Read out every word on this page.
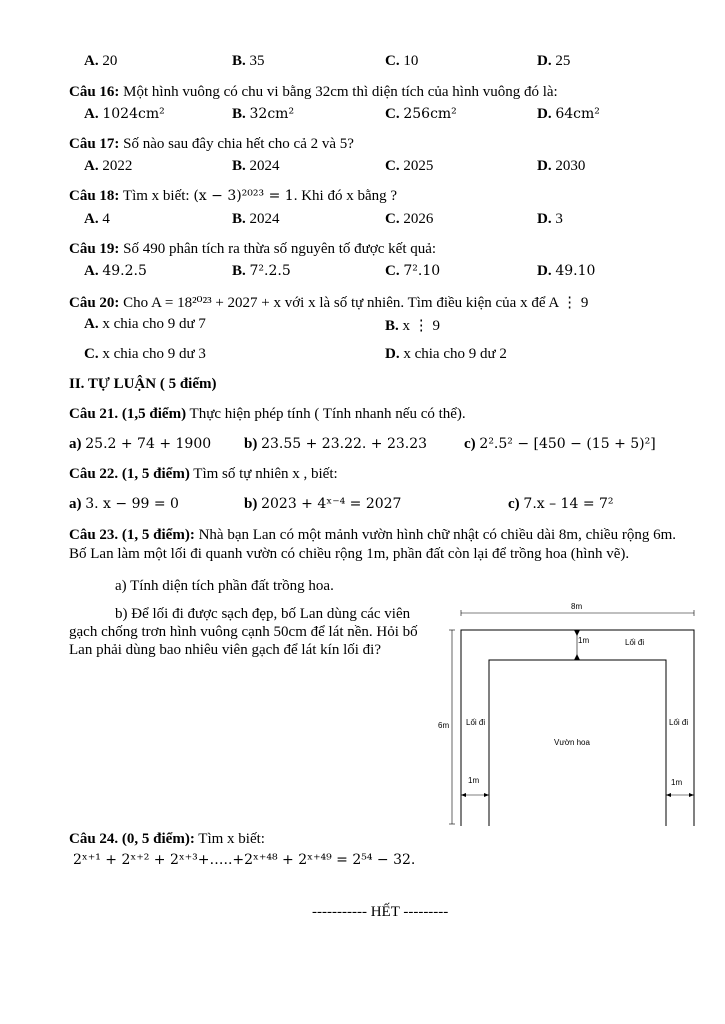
A. 20	B. 35	C. 10	D. 25
Câu 16: Một hình vuông có chu vi bằng 32cm thì diện tích của hình vuông đó là:
A. 1024cm²	B. 32cm²	C. 256cm²	D. 64cm²
Câu 17: Số nào sau đây chia hết cho cả 2 và 5?
A. 2022	B. 2024	C. 2025	D. 2030
Câu 18: Tìm x biết: (x − 3)²⁰²³ = 1. Khi đó x bằng ?
A. 4	B. 2024	C. 2026	D. 3
Câu 19: Số 490 phân tích ra thừa số nguyên tố được kết quả:
A. 49.2.5	B. 7².2.5	C. 7².10	D. 49.10
Câu 20: Cho A = 18²⁰²³ + 2027 + x với x là số tự nhiên. Tìm điều kiện của x để A ⋮ 9
A. x chia cho 9 dư 7	B. x ⋮ 9
C. x chia cho 9 dư 3	D. x chia cho 9 dư 2
II. TỰ LUẬN ( 5 điểm)
Câu 21. (1,5 điểm) Thực hiện phép tính ( Tính nhanh nếu có thể).
a) 25.2 + 74 + 1900 b) 23.55 + 23.22. + 23.23 c) 2².5² − [450 − (15 + 5)²]
Câu 22. (1, 5 điểm) Tìm số tự nhiên x , biết:
a) 3. x − 99 = 0	b) 2023 + 4ˣ⁻⁴ = 2027	c) 7.x – 14 = 7²
Câu 23. (1, 5 điểm): Nhà bạn Lan có một mảnh vườn hình chữ nhật có chiều dài 8m, chiều rộng 6m. Bố Lan làm một lối đi quanh vườn có chiều rộng 1m, phần đất còn lại để trồng hoa (hình vẽ).
a) Tính diện tích phần đất trồng hoa.
b) Để lối đi được sạch đẹp, bố Lan dùng các viên gạch chống trơn hình vuông cạnh 50cm để lát nền. Hỏi bố Lan phải dùng bao nhiêu viên gạch để lát kín lối đi?
8m
6m
1m	Lối đi
Lối đi	Lối đi
Vườn hoa
1m	1m
Câu 24. (0, 5 điểm): Tìm x biết:
2ˣ⁺¹ + 2ˣ⁺² + 2ˣ⁺³+…..+2ˣ⁺⁴⁸ + 2ˣ⁺⁴⁹ = 2⁵⁴ − 32.
----------- HẾT ---------
